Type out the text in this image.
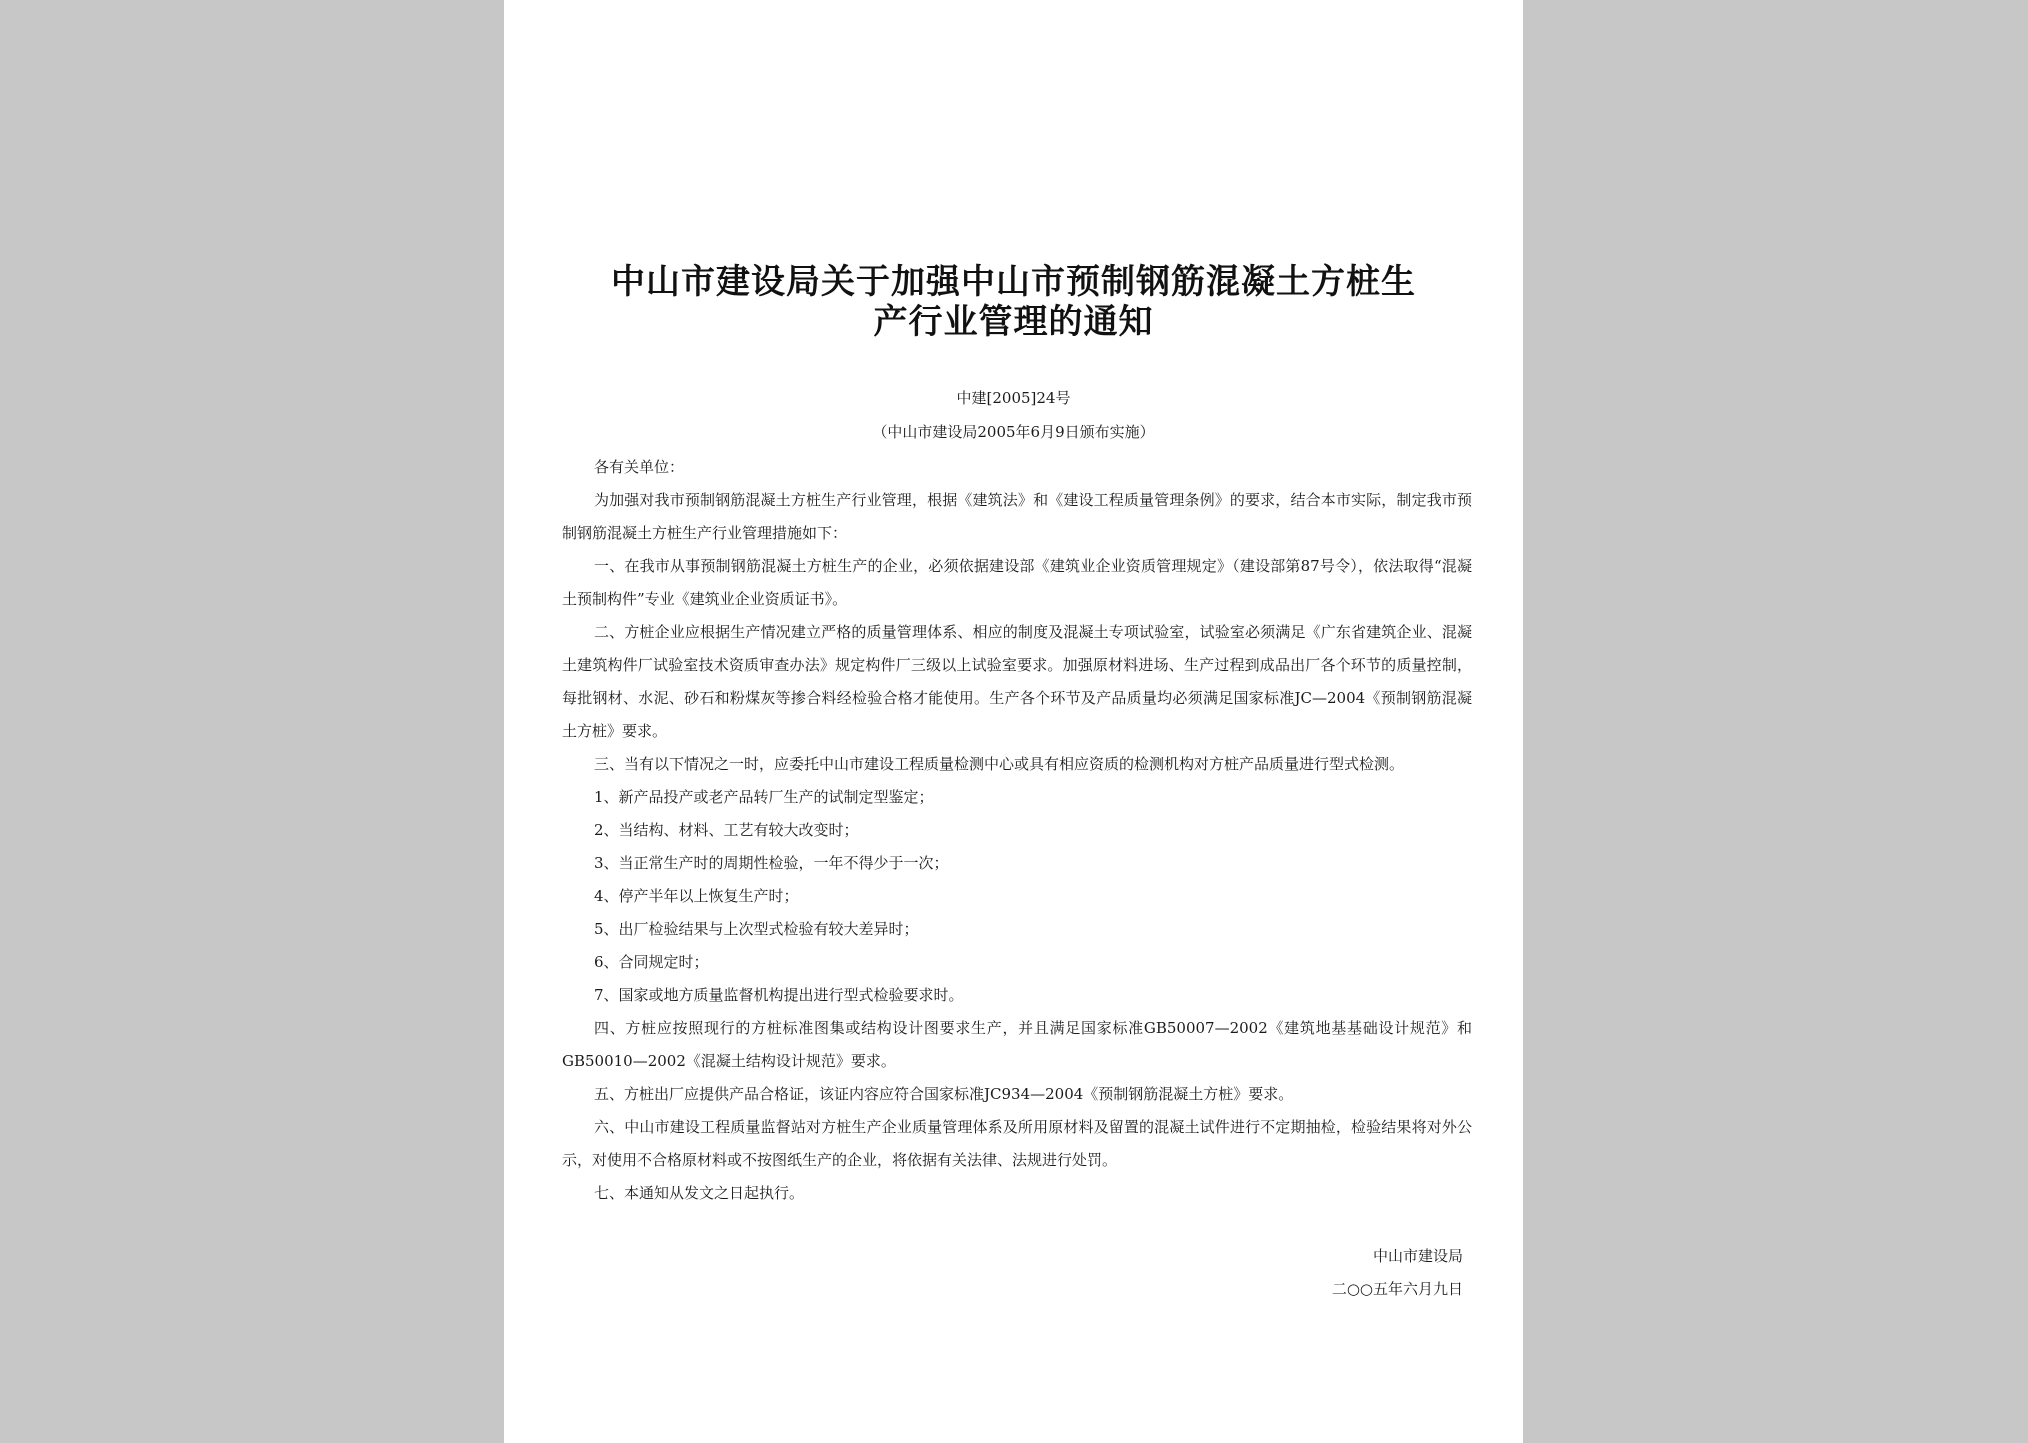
中山市建设局关于加强中山市预制钢筋混凝土方桩生产行业管理的通知
中建[2005]24号
（中山市建设局2005年6月9日颁布实施）

各有关单位：

为加强对我市预制钢筋混凝土方桩生产行业管理，根据《建筑法》和《建设工程质量管理条例》的要求，结合本市实际，制定我市预制钢筋混凝土方桩生产行业管理措施如下：

一、在我市从事预制钢筋混凝土方桩生产的企业，必须依据建设部《建筑业企业资质管理规定》（建设部第87号令），依法取得“混凝土预制构件”专业《建筑业企业资质证书》。

二、方桩企业应根据生产情况建立严格的质量管理体系、相应的制度及混凝土专项试验室，试验室必须满足《广东省建筑企业、混凝土建筑构件厂试验室技术资质审查办法》规定构件厂三级以上试验室要求。加强原材料进场、生产过程到成品出厂各个环节的质量控制，每批钢材、水泥、砂石和粉煤灰等掺合料经检验合格才能使用。生产各个环节及产品质量均必须满足国家标准JC—2004《预制钢筋混凝土方桩》要求。

三、当有以下情况之一时，应委托中山市建设工程质量检测中心或具有相应资质的检测机构对方桩产品质量进行型式检测。

1、新产品投产或老产品转厂生产的试制定型鉴定；

2、当结构、材料、工艺有较大改变时；

3、当正常生产时的周期性检验，一年不得少于一次；

4、停产半年以上恢复生产时；

5、出厂检验结果与上次型式检验有较大差异时；

6、合同规定时；

7、国家或地方质量监督机构提出进行型式检验要求时。

四、方桩应按照现行的方桩标准图集或结构设计图要求生产，并且满足国家标准GB50007—2002《建筑地基基础设计规范》和GB50010—2002《混凝土结构设计规范》要求。

五、方桩出厂应提供产品合格证，该证内容应符合国家标准JC934—2004《预制钢筋混凝土方桩》要求。

六、中山市建设工程质量监督站对方桩生产企业质量管理体系及所用原材料及留置的混凝土试件进行不定期抽检，检验结果将对外公示，对使用不合格原材料或不按图纸生产的企业，将依据有关法律、法规进行处罚。

七、本通知从发文之日起执行。

中山市建设局
二○○五年六月九日
